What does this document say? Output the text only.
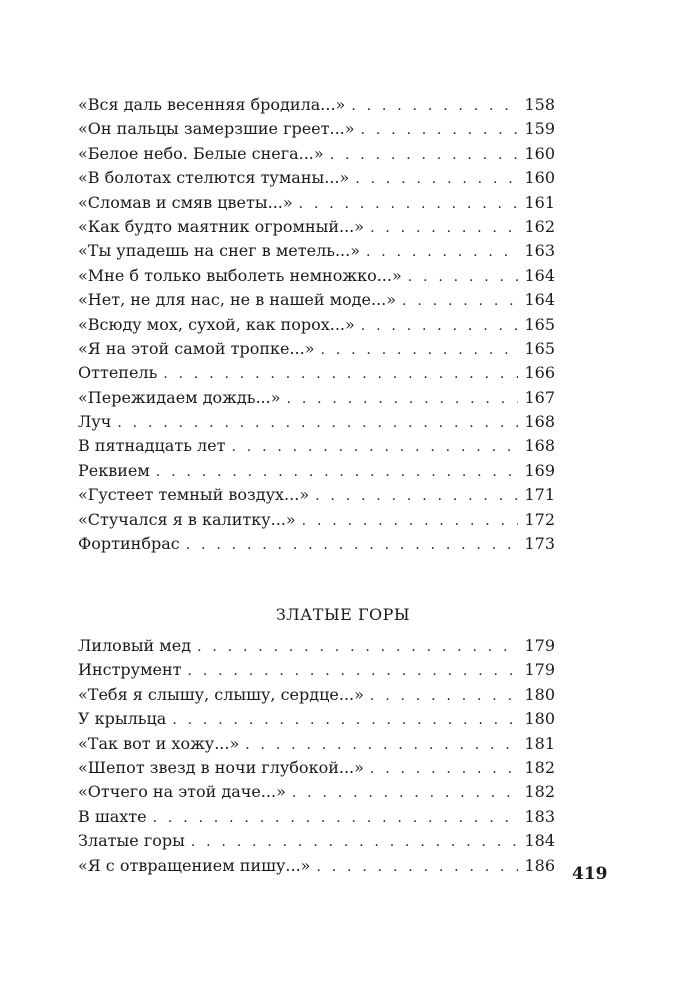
«Вся даль весенняя бродила...» . . .	158
«Он пальцы замерзшие греет...» . . .	159
«Белое небо. Белые снега...» . . .	160
«В болотах стелются туманы...» . . .	160
«Сломав и смяв цветы...» . . .	161
«Как будто маятник огромный...» . . .	162
«Ты упадешь на снег в метель...» . . .	163
«Мне б только выболеть немножко...» . . .	164
«Нет, не для нас, не в нашей моде...» . . .	164
«Всюду мох, сухой, как порох...» . . .	165
«Я на этой самой тропке...» . . .	165
Оттепель . . .	166
«Пережидаем дождь...» . . .	167
Луч . . .	168
В пятнадцать лет . . .	168
Реквием . . .	169
«Густеет темный воздух...» . . .	171
«Стучался я в калитку...» . . .	172
Фортинбрас . . .	173
ЗЛАТЫЕ ГОРЫ
Лиловый мед . . .	179
Инструмент . . .	179
«Тебя я слышу, слышу, сердце...» . . .	180
У крыльца . . .	180
«Так вот и хожу...» . . .	181
«Шепот звезд в ночи глубокой...» . . .	182
«Отчего на этой даче...» . . .	182
В шахте . . .	183
Златые горы . . .	184
«Я с отвращением пишу...» . . .	186 419
